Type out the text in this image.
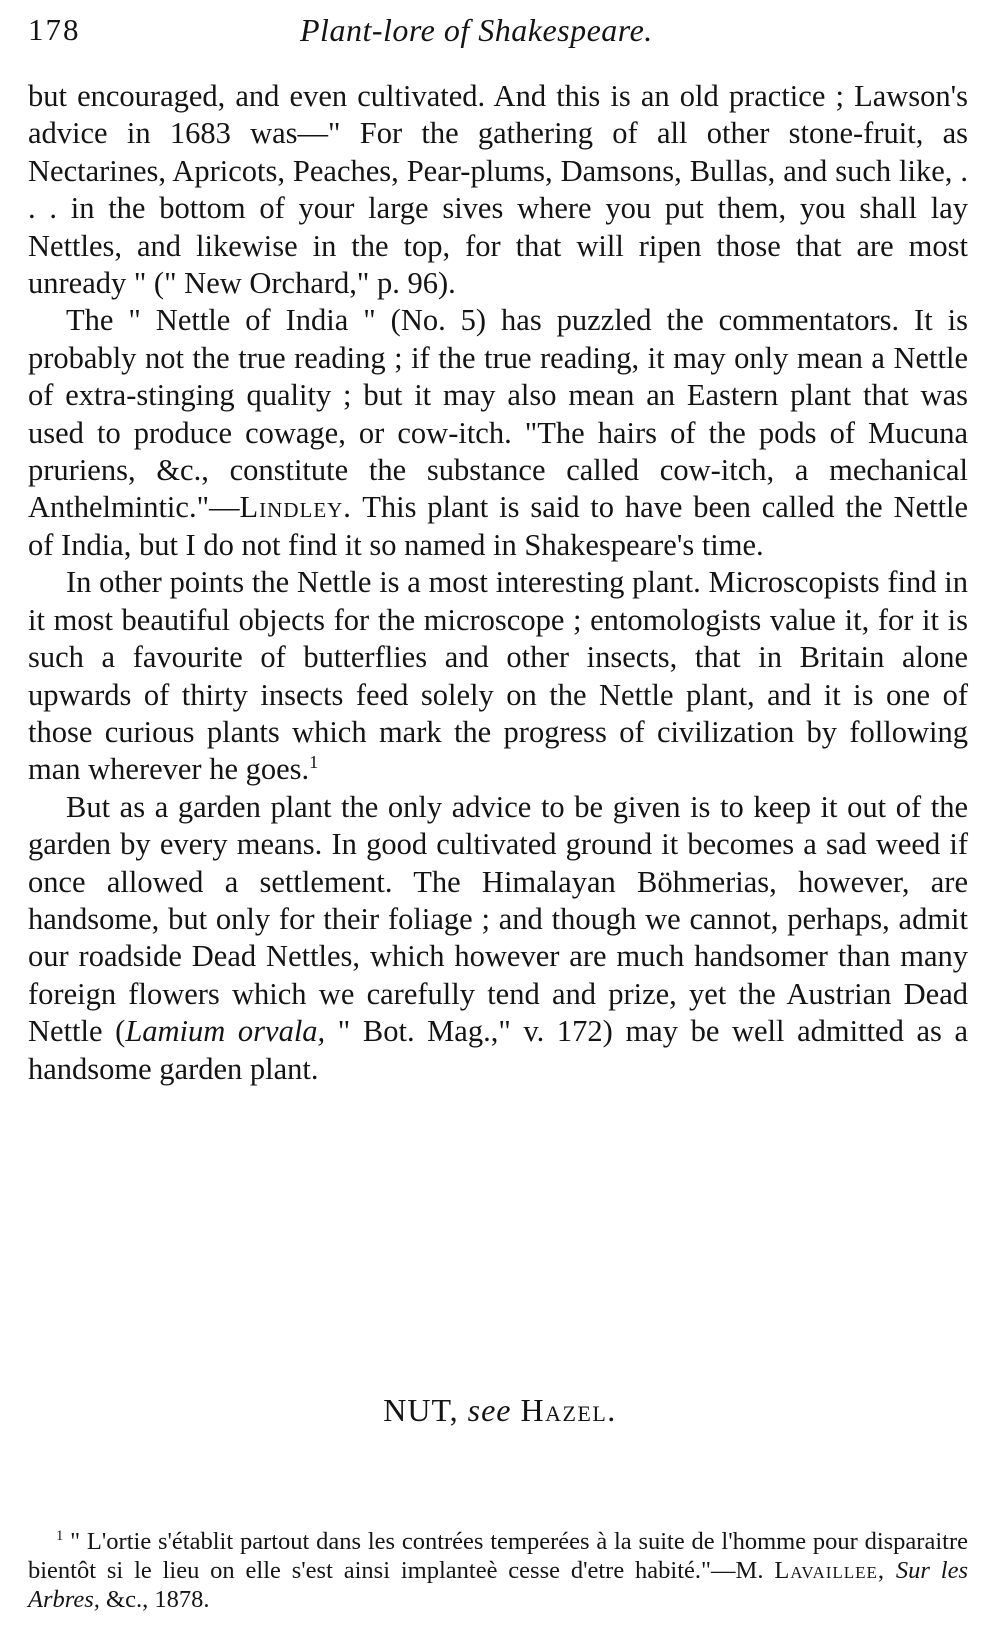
178	Plant-lore of Shakespeare.

but encouraged, and even cultivated. And this is an old practice ; Lawson's advice in 1683 was—" For the gathering of all other stone-fruit, as Nectarines, Apricots, Peaches, Pear-plums, Damsons, Bullas, and such like, . . . in the bottom of your large sives where you put them, you shall lay Nettles, and likewise in the top, for that will ripen those that are most unready " (" New Orchard," p. 96).

The " Nettle of India " (No. 5) has puzzled the commentators. It is probably not the true reading ; if the true reading, it may only mean a Nettle of extra-stinging quality ; but it may also mean an Eastern plant that was used to produce cowage, or cow-itch. "The hairs of the pods of Mucuna pruriens, &c., constitute the substance called cow-itch, a mechanical Anthelmintic."—Lindley. This plant is said to have been called the Nettle of India, but I do not find it so named in Shakespeare's time.

In other points the Nettle is a most interesting plant. Microscopists find in it most beautiful objects for the microscope ; entomologists value it, for it is such a favourite of butterflies and other insects, that in Britain alone upwards of thirty insects feed solely on the Nettle plant, and it is one of those curious plants which mark the progress of civilization by following man wherever he goes.$^1$

But as a garden plant the only advice to be given is to keep it out of the garden by every means. In good cultivated ground it becomes a sad weed if once allowed a settlement. The Himalayan Böhmerias, however, are handsome, but only for their foliage ; and though we cannot, perhaps, admit our roadside Dead Nettles, which however are much handsomer than many foreign flowers which we carefully tend and prize, yet the Austrian Dead Nettle (Lamium orvala, " Bot. Mag.," v. 172) may be well admitted as a handsome garden plant.

NUT, see Hazel.
$^1$ " L'ortie s'établit partout dans les contrées temperées à la suite de l'homme pour disparaitre bientôt si le lieu on elle s'est ainsi implanteè cesse d'etre habité."—M. Lavaillee, Sur les Arbres, &c., 1878.
